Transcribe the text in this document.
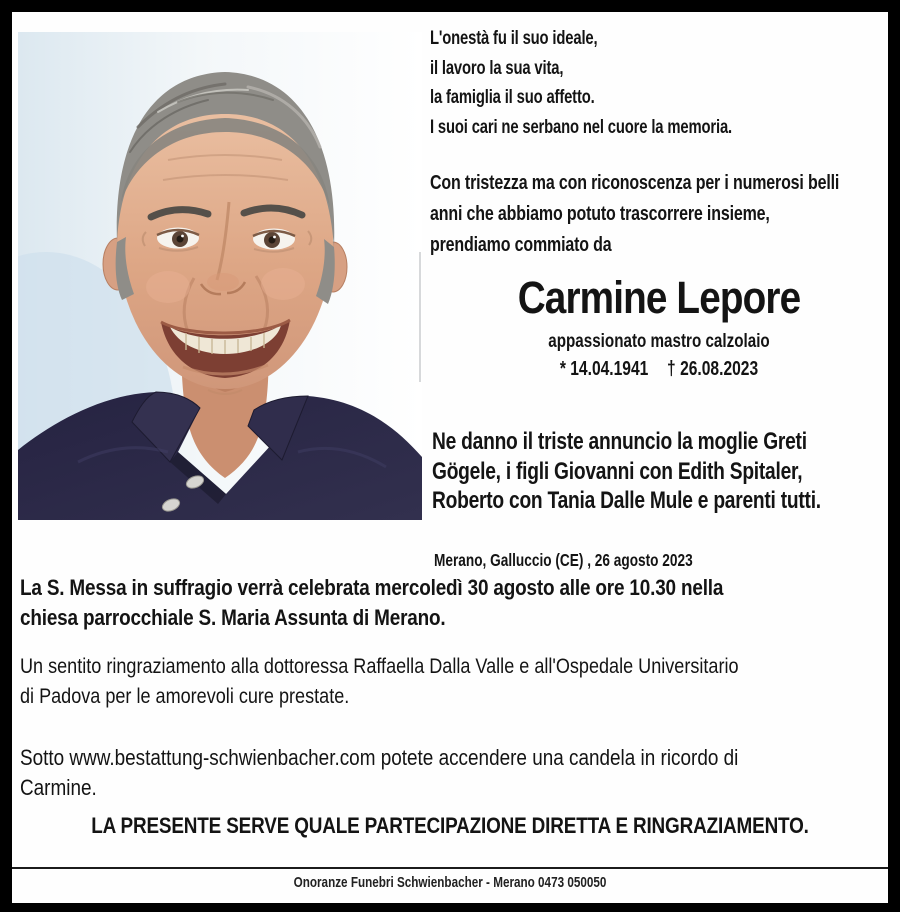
L'onestà fu il suo ideale,
il lavoro la sua vita,
la famiglia il suo affetto.
I suoi cari ne serbano nel cuore la memoria.
Con tristezza ma con riconoscenza per i numerosi belli
anni che abbiamo potuto trascorrere insieme,
prendiamo commiato da
Carmine Lepore
appassionato mastro calzolaio
* 14.04.1941 † 26.08.2023
Ne danno il triste annuncio la moglie Greti
Gögele, i figli Giovanni con Edith Spitaler,
Roberto con Tania Dalle Mule e parenti tutti.
Merano, Galluccio (CE) , 26 agosto 2023
La S. Messa in suffragio verrà celebrata mercoledì 30 agosto alle ore 10.30 nella
chiesa parrocchiale S. Maria Assunta di Merano.
Un sentito ringraziamento alla dottoressa Raffaella Dalla Valle e all'Ospedale Universitario
di Padova per le amorevoli cure prestate.
Sotto www.bestattung-schwienbacher.com potete accendere una candela in ricordo di
Carmine.
LA PRESENTE SERVE QUALE PARTECIPAZIONE DIRETTA E RINGRAZIAMENTO.
Onoranze Funebri Schwienbacher - Merano 0473 050050
